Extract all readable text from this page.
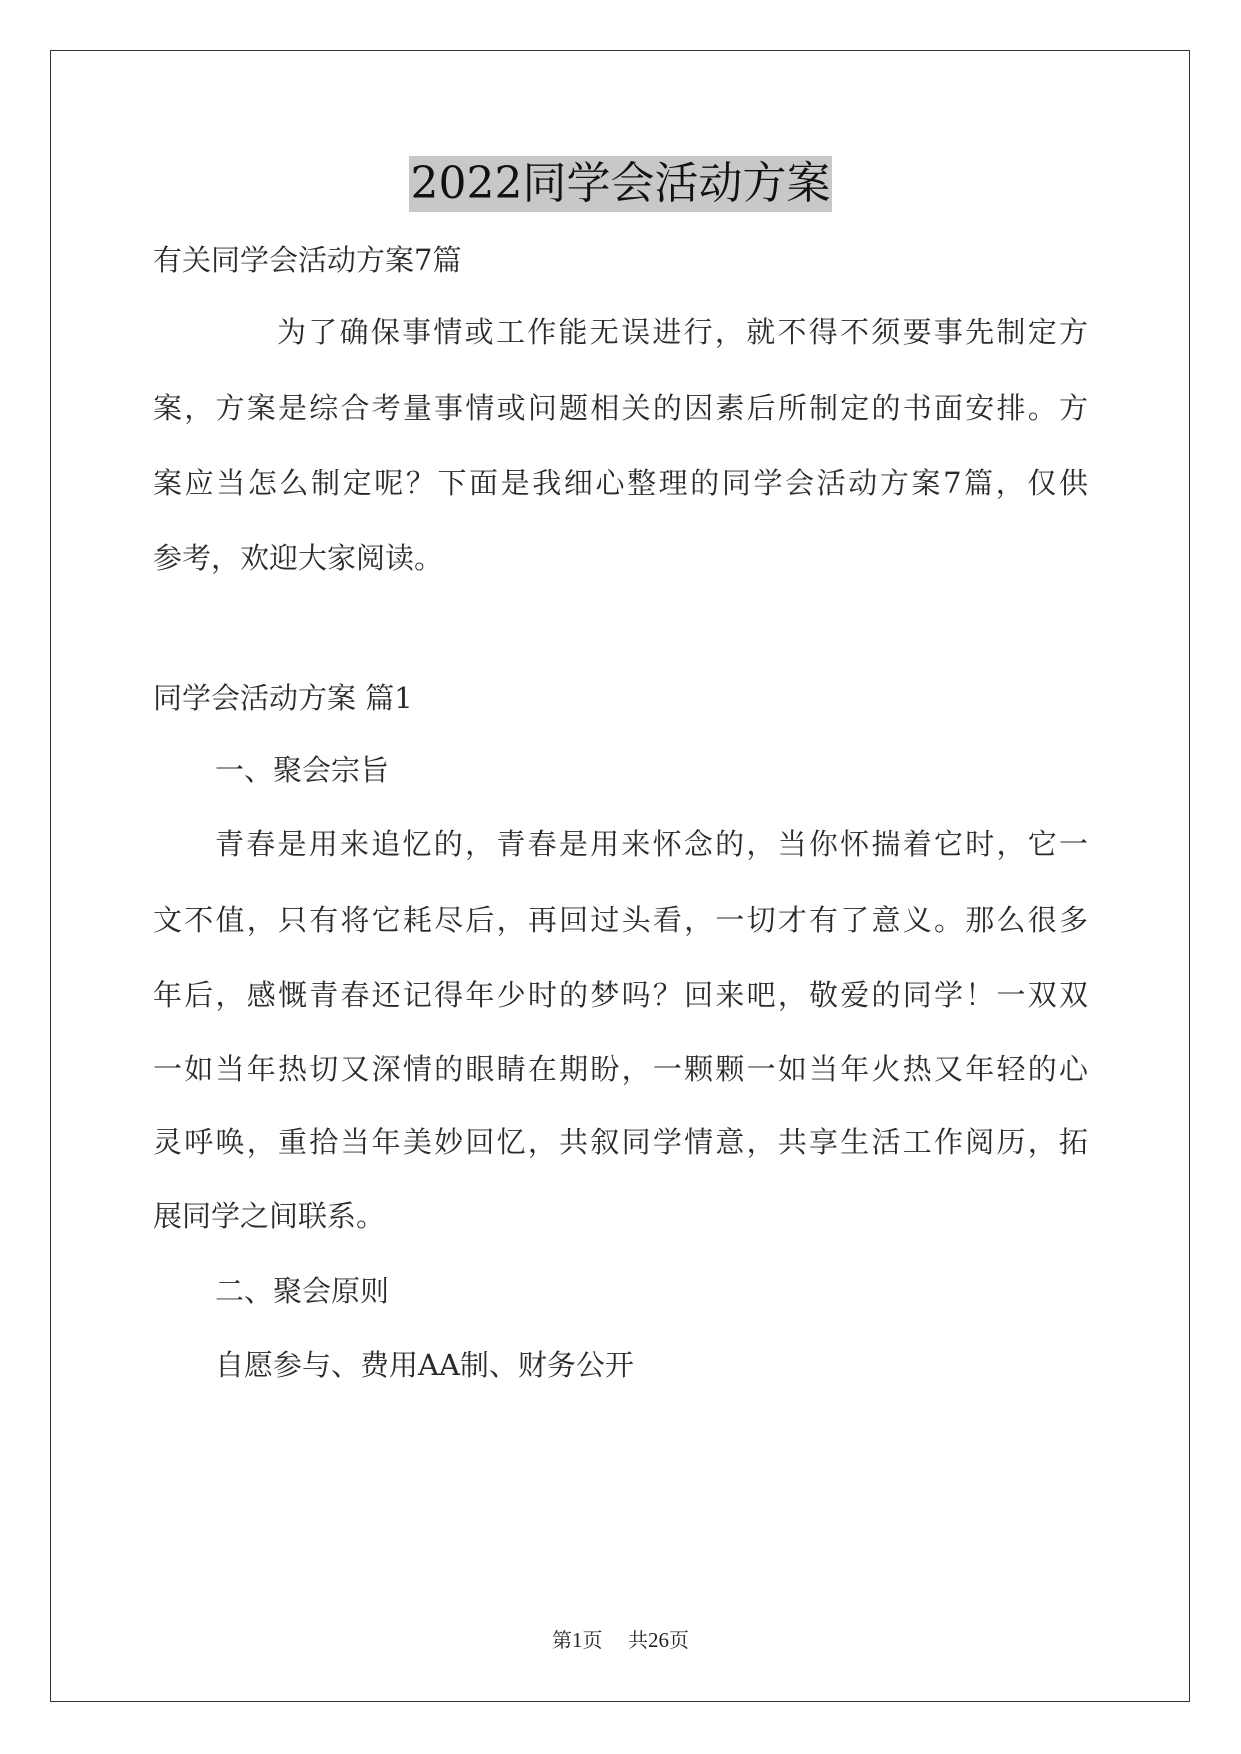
2022同学会活动方案
有关同学会活动方案7篇
为了确保事情或工作能无误进行，就不得不须要事先制定方
案，方案是综合考量事情或问题相关的因素后所制定的书面安排。方
案应当怎么制定呢？下面是我细心整理的同学会活动方案7篇，仅供
参考，欢迎大家阅读。
同学会活动方案 篇1
一、聚会宗旨
青春是用来追忆的，青春是用来怀念的，当你怀揣着它时，它一
文不值，只有将它耗尽后，再回过头看，一切才有了意义。那么很多
年后，感慨青春还记得年少时的梦吗？回来吧，敬爱的同学！一双双
一如当年热切又深情的眼睛在期盼，一颗颗一如当年火热又年轻的心
灵呼唤，重拾当年美妙回忆，共叙同学情意，共享生活工作阅历，拓
展同学之间联系。
二、聚会原则
自愿参与、费用AA制、财务公开
第1页 共26页
